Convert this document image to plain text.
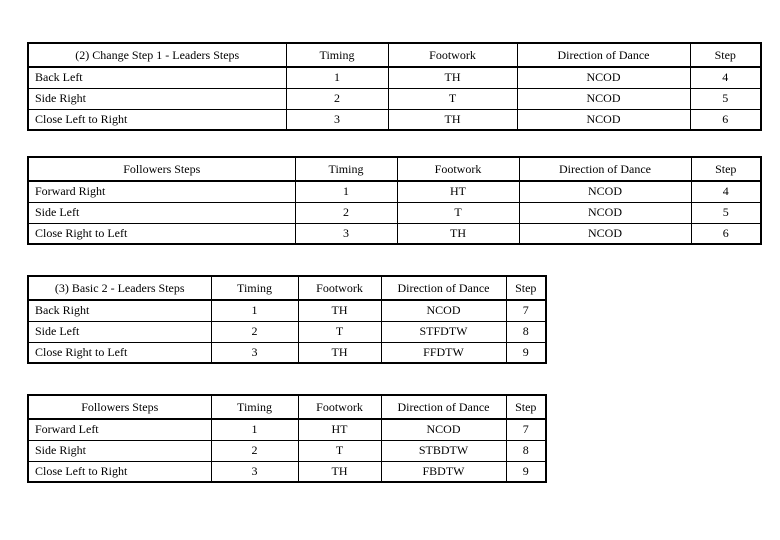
(2) Change Step 1 - Leaders Steps	Timing	Footwork	Direction of Dance	Step
Back Left	1	TH	NCOD	4
Side Right	2	T	NCOD	5
Close Left to Right	3	TH	NCOD	6
Followers Steps	Timing	Footwork	Direction of Dance	Step
Forward Right	1	HT	NCOD	4
Side Left	2	T	NCOD	5
Close Right to Left	3	TH	NCOD	6
(3) Basic 2 - Leaders Steps	Timing	Footwork	Direction of Dance	Step
Back Right	1	TH	NCOD	7
Side Left	2	T	STFDTW	8
Close Right to Left	3	TH	FFDTW	9
Followers Steps	Timing	Footwork	Direction of Dance	Step
Forward Left	1	HT	NCOD	7
Side Right	2	T	STBDTW	8
Close Left to Right	3	TH	FBDTW	9
